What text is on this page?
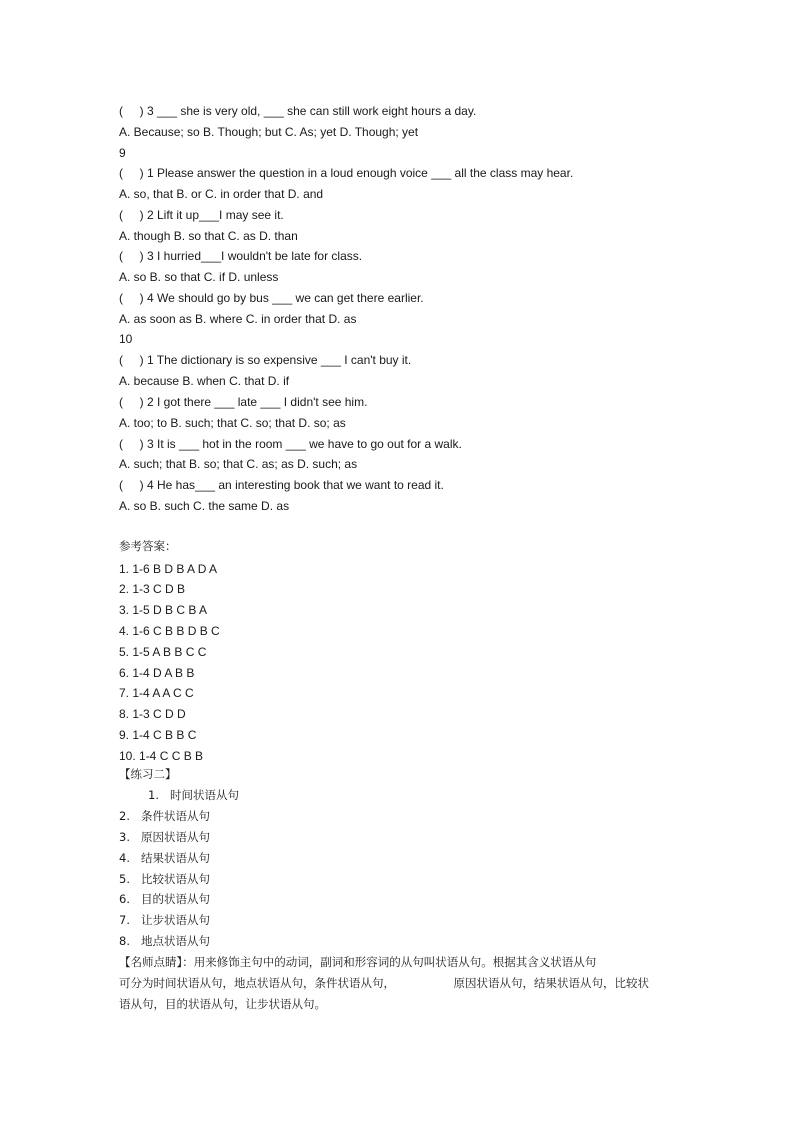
(     ) 3 ___ she is very old, ___ she can still work eight hours a day.
A. Because; so B. Though; but C. As; yet D. Though; yet
9
(     ) 1 Please answer the question in a loud enough voice ___ all the class may hear.
A. so, that B. or C. in order that D. and
(     ) 2 Lift it up___I may see it.
A. though B. so that C. as D. than
(     ) 3 I hurried___I wouldn't be late for class.
A. so B. so that C. if D. unless
(     ) 4 We should go by bus ___ we can get there earlier.
A. as soon as B. where C. in order that D. as
10
(     ) 1 The dictionary is so expensive ___ I can't buy it.
A. because B. when C. that D. if
(     ) 2 I got there ___ late ___ I didn't see him.
A. too; to B. such; that C. so; that D. so; as
(     ) 3 It is ___ hot in the room ___ we have to go out for a walk.
A. such; that B. so; that C. as; as D. such; as
(     ) 4 He has___ an interesting book that we want to read it.
A. so B. such C. the same D. as
参考答案：
1. 1-6 B D B A D A
2. 1-3 C D B
3. 1-5 D B C B A
4. 1-6 C B B D B C
5. 1-5 A B B C C
6. 1-4 D A B B
7. 1-4 A A C C
8. 1-3 C D D
9. 1-4 C B B C
10. 1-4 C C B B
【练习二】
1.   时间状语从句
2.   条件状语从句
3.   原因状语从句
4.   结果状语从句
5.   比较状语从句
6.   目的状语从句
7.   让步状语从句
8.   地点状语从句
【名师点睛】：用来修饰主句中的动词，副词和形容词的从句叫状语从句。根据其含义状语从句
可分为时间状语从句，地点状语从句，条件状语从句，                原因状语从句，结果状语从句，比较状
语从句，目的状语从句，让步状语从句。
